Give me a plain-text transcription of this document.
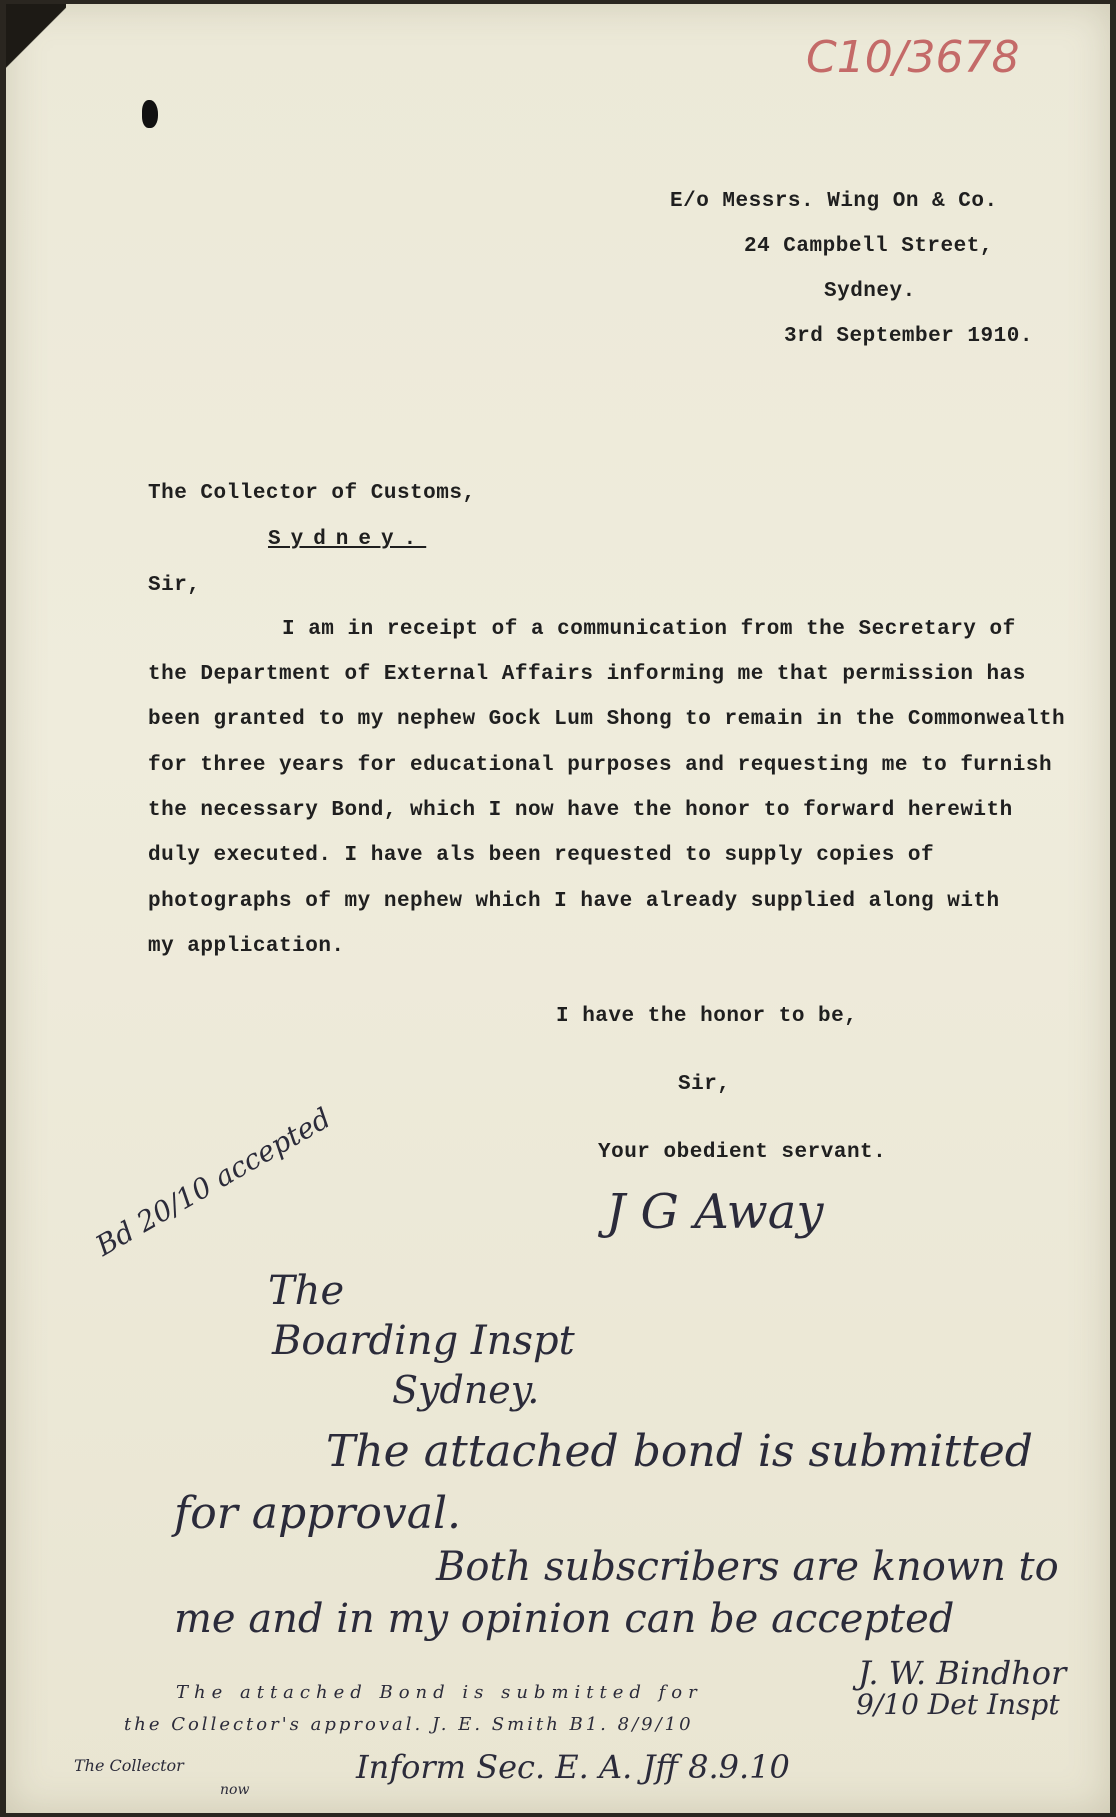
C10/3678
E/o Messrs. Wing On & Co.
24 Campbell Street,
Sydney.
3rd September 1910.
The Collector of Customs,
Sydney.
Sir,
I am in receipt of a communication from the Secretary of
the Department of External Affairs informing me that permission has
been granted to my nephew Gock Lum Shong to remain in the Commonwealth
for three years for educational purposes and requesting me to furnish
the necessary Bond, which I now have the honor to forward herewith
duly executed. I have als been requested to supply copies of
photographs of my nephew which I have already supplied along with
my application.
I have the honor to be,
Sir,
Your obedient servant.
J G Away
Bd 20/10 accepted
The
Boarding Inspt
Sydney.
The attached bond is submitted
for approval.
Both subscribers are known to
me and in my opinion can be accepted
J. W. Bindhor
9/10 Det Inspt
The attached Bond is submitted for
the Collector's approval. J. E. Smith B1. 8/9/10
The Collector
now
Inform Sec. E. A. Jff 8.9.10
